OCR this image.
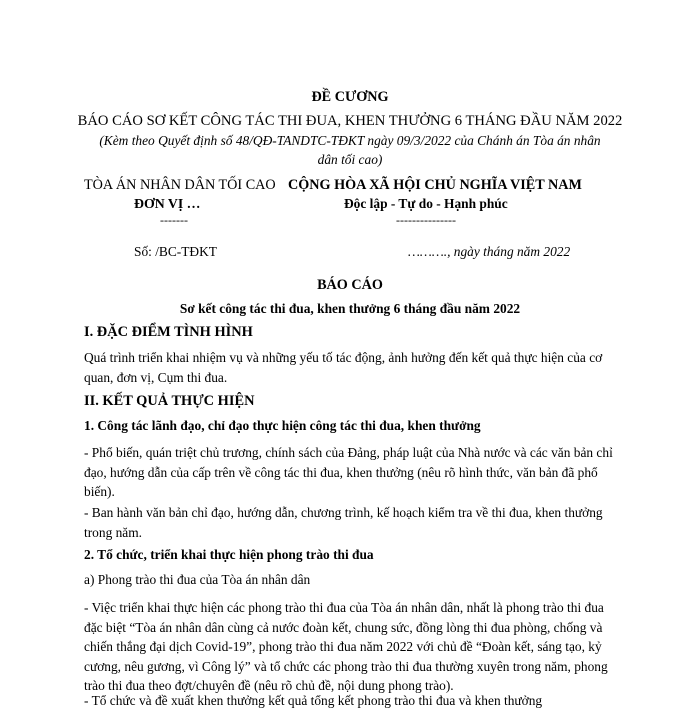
ĐỀ CƯƠNG
BÁO CÁO SƠ KẾT CÔNG TÁC THI ĐUA, KHEN THƯỞNG 6 THÁNG ĐẦU NĂM 2022
(Kèm theo Quyết định số 48/QĐ-TANDTC-TĐKT ngày 09/3/2022 của Chánh án Tòa án nhân
dân tối cao)
TÒA ÁN NHÂN DÂN TỐI CAO
ĐƠN VỊ …
-------
Số: /BC-TĐKT
CỘNG HÒA XÃ HỘI CHỦ NGHĨA VIỆT NAM
Độc lập - Tự do - Hạnh phúc
---------------
………., ngày tháng năm 2022
BÁO CÁO
Sơ kết công tác thi đua, khen thưởng 6 tháng đầu năm 2022
I. ĐẶC ĐIỂM TÌNH HÌNH
Quá trình triển khai nhiệm vụ và những yếu tố tác động, ảnh hưởng đến kết quả thực hiện của cơ quan, đơn vị, Cụm thi đua.
II. KẾT QUẢ THỰC HIỆN
1. Công tác lãnh đạo, chỉ đạo thực hiện công tác thi đua, khen thưởng
- Phổ biến, quán triệt chủ trương, chính sách của Đảng, pháp luật của Nhà nước và các văn bản chỉ đạo, hướng dẫn của cấp trên về công tác thi đua, khen thưởng (nêu rõ hình thức, văn bản đã phổ biến).
- Ban hành văn bản chỉ đạo, hướng dẫn, chương trình, kế hoạch kiểm tra về thi đua, khen thưởng trong năm.
2. Tổ chức, triển khai thực hiện phong trào thi đua
a) Phong trào thi đua của Tòa án nhân dân
- Việc triển khai thực hiện các phong trào thi đua của Tòa án nhân dân, nhất là phong trào thi đua đặc biệt “Tòa án nhân dân cùng cả nước đoàn kết, chung sức, đồng lòng thi đua phòng, chống và chiến thắng đại dịch Covid-19”, phong trào thi đua năm 2022 với chủ đề “Đoàn kết, sáng tạo, kỷ cương, nêu gương, vì Công lý” và tổ chức các phong trào thi đua thường xuyên trong năm, phong trào thi đua theo đợt/chuyên đề (nêu rõ chủ đề, nội dung phong trào).
- Tổ chức và đề xuất khen thưởng kết quả tổng kết phong trào thi đua và khen thưởng
